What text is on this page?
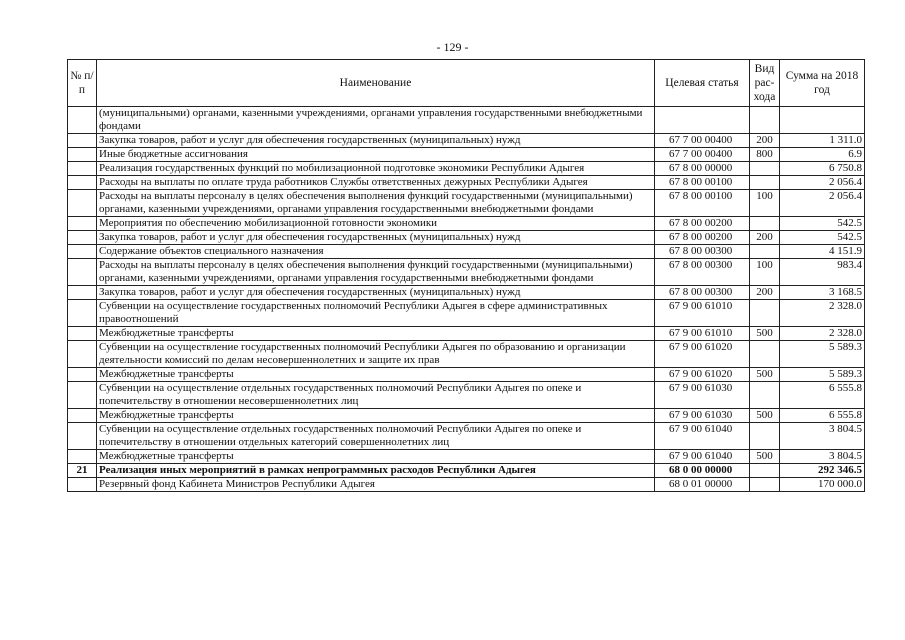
- 129 -
№ п/п	Наименование	Целевая статья	Вид рас-хода	Сумма на 2018 год
	(муниципальными) органами, казенными учреждениями, органами управления государственными внебюджетными фондами			
	Закупка товаров, работ и услуг для обеспечения государственных (муниципальных) нужд	67 7 00 00400	200	1 311.0
	Иные бюджетные ассигнования	67 7 00 00400	800	6.9
	Реализация государственных функций по мобилизационной подготовке экономики Республики Адыгея	67 8 00 00000		6 750.8
	Расходы на выплаты по оплате труда работников Службы ответственных дежурных Республики Адыгея	67 8 00 00100		2 056.4
	Расходы на выплаты персоналу в целях обеспечения выполнения функций государственными (муниципальными) органами, казенными учреждениями, органами управления государственными внебюджетными фондами	67 8 00 00100	100	2 056.4
	Мероприятия по обеспечению мобилизационной готовности экономики	67 8 00 00200		542.5
	Закупка товаров, работ и услуг для обеспечения государственных (муниципальных) нужд	67 8 00 00200	200	542.5
	Содержание объектов специального назначения	67 8 00 00300		4 151.9
	Расходы на выплаты персоналу в целях обеспечения выполнения функций государственными (муниципальными) органами, казенными учреждениями, органами управления государственными внебюджетными фондами	67 8 00 00300	100	983.4
	Закупка товаров, работ и услуг для обеспечения государственных (муниципальных) нужд	67 8 00 00300	200	3 168.5
	Субвенции на осуществление государственных полномочий Республики Адыгея в сфере административных правоотношений	67 9 00 61010		2 328.0
	Межбюджетные трансферты	67 9 00 61010	500	2 328.0
	Субвенции на осуществление государственных полномочий Республики Адыгея по образованию и организации деятельности комиссий по делам несовершеннолетних и защите их прав	67 9 00 61020		5 589.3
	Межбюджетные трансферты	67 9 00 61020	500	5 589.3
	Субвенции на осуществление отдельных государственных полномочий Республики Адыгея по опеке и попечительству в отношении несовершеннолетних лиц	67 9 00 61030		6 555.8
	Межбюджетные трансферты	67 9 00 61030	500	6 555.8
	Субвенции на осуществление отдельных государственных полномочий Республики Адыгея по опеке и попечительству в отношении отдельных категорий совершеннолетних лиц	67 9 00 61040		3 804.5
	Межбюджетные трансферты	67 9 00 61040	500	3 804.5
21	Реализация иных мероприятий в рамках непрограммных расходов Республики Адыгея	68 0 00 00000		292 346.5
	Резервный фонд Кабинета Министров Республики Адыгея	68 0 01 00000		170 000.0
